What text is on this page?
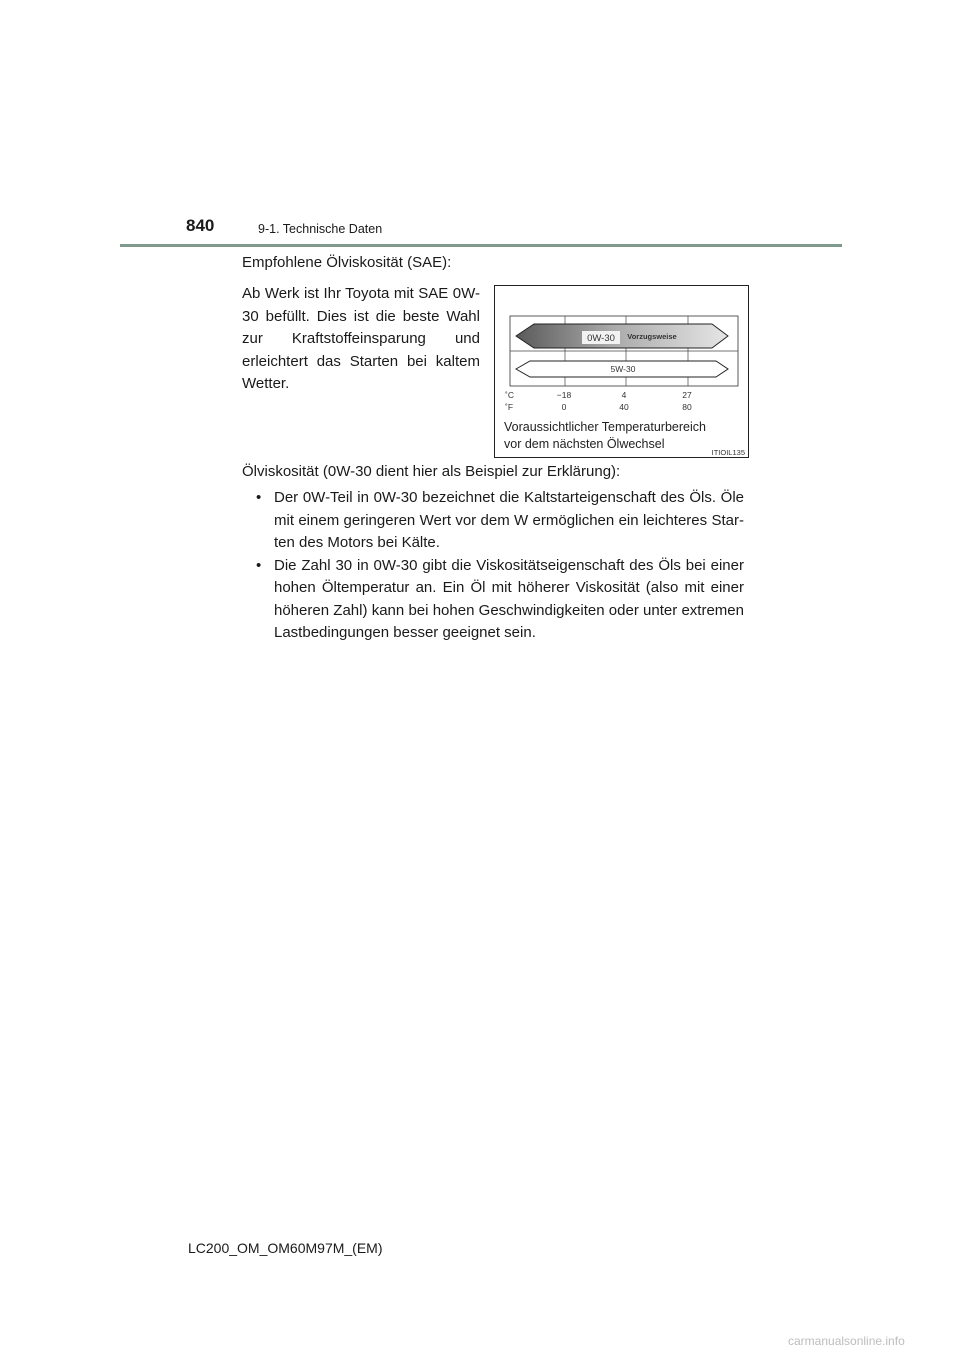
840	9-1. Technische Daten
Empfohlene Ölviskosität (SAE):
Ab Werk ist Ihr Toyota mit SAE 0W-30 befüllt. Dies ist die beste Wahl zur Kraftstoffeinsparung und erleichtert das Starten bei kaltem Wetter.
0W-30 Vorzugsweise
5W-30
˚C
˚F
−18	4	27
0	40	80
Voraussichtlicher Temperaturbereich
vor dem nächsten Ölwechsel
ITIOIL135
Ölviskosität (0W-30 dient hier als Beispiel zur Erklärung):
• Der 0W-Teil in 0W-30 bezeichnet die Kaltstarteigenschaft des Öls. Öle mit einem geringeren Wert vor dem W ermöglichen ein leichteres Starten des Motors bei Kälte.
• Die Zahl 30 in 0W-30 gibt die Viskositätseigenschaft des Öls bei einer hohen Öltemperatur an. Ein Öl mit höherer Viskosität (also mit einer höheren Zahl) kann bei hohen Geschwindigkeiten oder unter extremen Lastbedingungen besser geeignet sein.
LC200_OM_OM60M97M_(EM)
carmanualsonline.info
